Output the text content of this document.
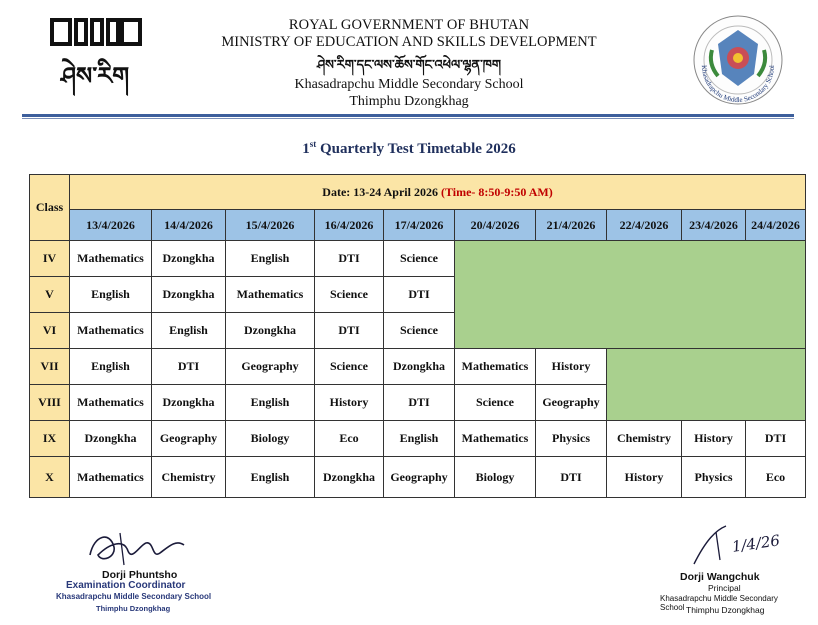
ཤེས་རིག
ROYAL GOVERNMENT OF BHUTAN
MINISTRY OF EDUCATION AND SKILLS DEVELOPMENT
ཤེས་རིག་དང་ལས་ཆོས་གོང་འཕེལ་ལྷན་ཁག
Khasadrapchu Middle Secondary School
Thimphu Dzongkhag
Khasadrapchu Middle Secondary School
1st Quarterly Test Timetable 2026
Class	Date: 13-24 April 2026 (Time- 8:50-9:50 AM)									
	13/4/2026	14/4/2026	15/4/2026	16/4/2026	17/4/2026	20/4/2026	21/4/2026	22/4/2026	23/4/2026	24/4/2026
IV	Mathematics	Dzongkha	English	DTI	Science					
V	English	Dzongkha	Mathematics	Science	DTI					
VI	Mathematics	English	Dzongkha	DTI	Science					
VII	English	DTI	Geography	Science	Dzongkha	Mathematics	History			
VIII	Mathematics	Dzongkha	English	History	DTI	Science	Geography			
IX	Dzongkha	Geography	Biology	Eco	English	Mathematics	Physics	Chemistry	History	DTI
X	Mathematics	Chemistry	English	Dzongkha	Geography	Biology	DTI	History	Physics	Eco
Dorji Phuntsho
Examination Coordinator
Khasadrapchu Middle Secondary School
Thimphu Dzongkhag
1/4/26
Dorji Wangchuk
Principal
Khasadrapchu Middle Secondary School Thimphu Dzongkhag
